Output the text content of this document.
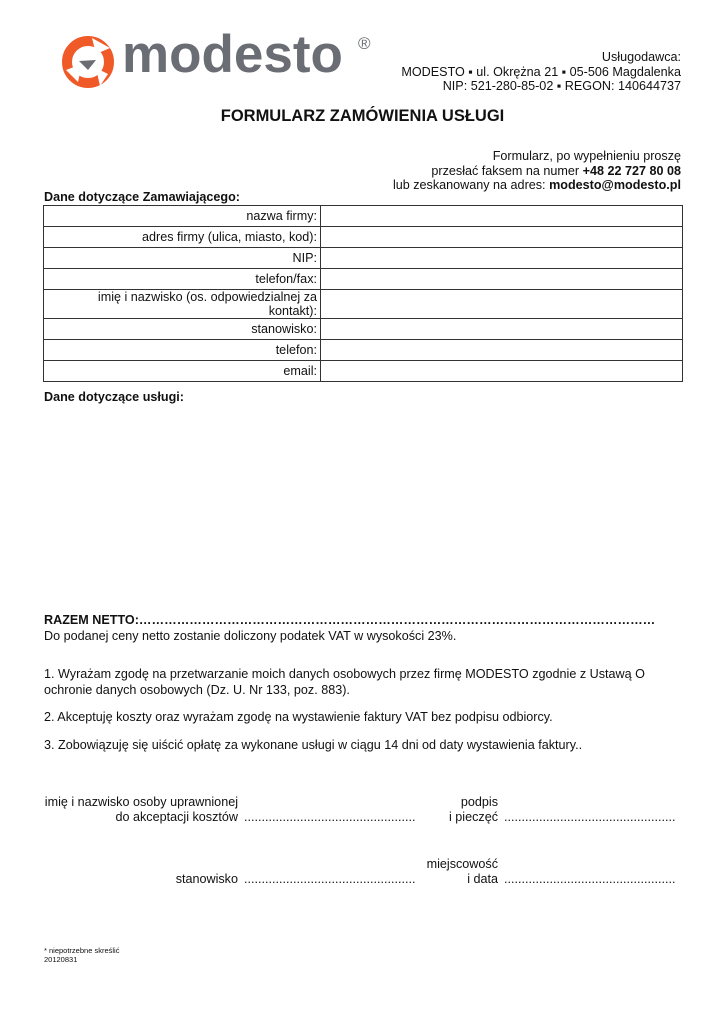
modesto ®
Usługodawca:
MODESTO ▪ ul. Okrężna 21 ▪ 05-506 Magdalenka
NIP: 521-280-85-02 ▪ REGON: 140644737
FORMULARZ ZAMÓWIENIA USŁUGI
Formularz, po wypełnieniu proszę
przesłać faksem na numer +48 22 727 80 08
lub zeskanowany na adres: modesto@modesto.pl
Dane dotyczące Zamawiającego:
nazwa firmy:	
adres firmy (ulica, miasto, kod):	
NIP:	
telefon/fax:	
imię i nazwisko (os. odpowiedzialnej za kontakt):	
stanowisko:	
telefon:	
email:	
Dane dotyczące usługi:
RAZEM NETTO:……………………………………………………………………………………………………………
Do podanej ceny netto zostanie doliczony podatek VAT w wysokości 23%.
1. Wyrażam zgodę na przetwarzanie moich danych osobowych przez firmę MODESTO zgodnie z Ustawą O ochronie danych osobowych (Dz. U. Nr 133, poz. 883).
2. Akceptuję koszty oraz wyrażam zgodę na wystawienie faktury VAT bez podpisu odbiorcy.
3. Zobowiązuję się uiścić opłatę za wykonane usługi w ciągu 14 dni od daty wystawienia faktury..
imię i nazwisko osoby uprawnionej
do akceptacji kosztów .................................................
podpis
i pieczęć .................................................
stanowisko .................................................
miejscowość
i data .................................................
* niepotrzebne skreślić
20120831
